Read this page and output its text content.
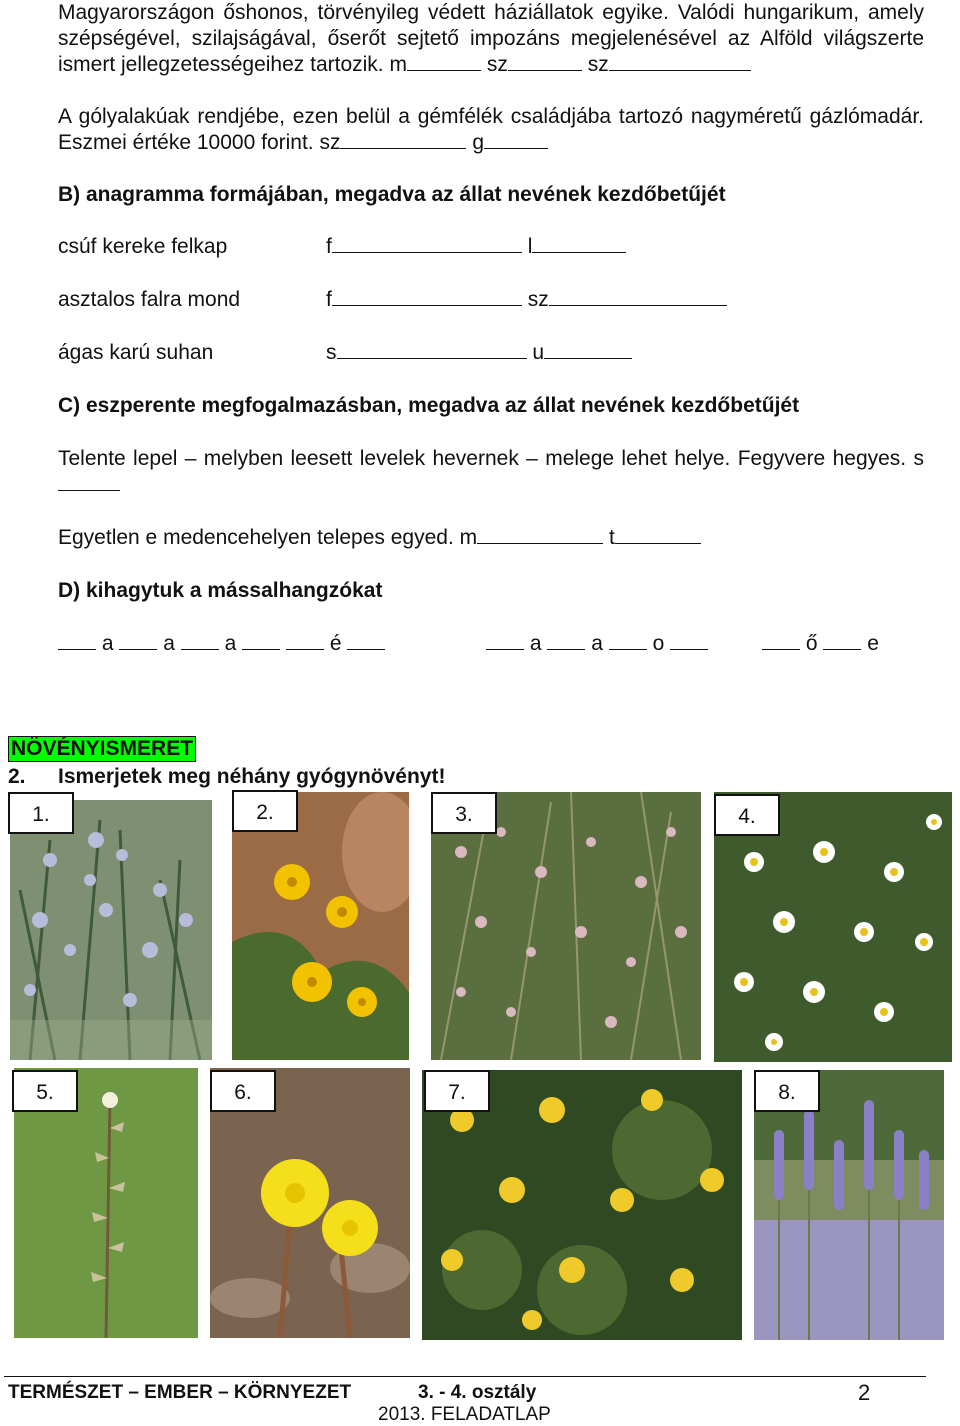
Magyarországon őshonos, törvényileg védett háziállatok egyike. Valódi hungarikum, amely szépségével, szilajságával, őserőt sejtető impozáns megjelenésével az Alföld világszerte ismert jellegzetességeihez tartozik. m	sz	sz
A gólyalakúak rendjébe, ezen belül a gémfélék családjába tartozó nagyméretű gázlómadár. Eszmei értéke 10000 forint. sz	g
B) anagramma formájában, megadva az állat nevének kezdőbetűjét
csúf kereke felkap	f	l
asztalos falra mond	f	sz
ágas karú suhan	s	u
C) eszperente megfogalmazásban, megadva az állat nevének kezdőbetűjét
Telente lepel – melyben leesett levelek hevernek – melege lehet helye. Fegyvere hegyes. s
Egyetlen e medencehelyen telepes egyed. m	t
D) kihagytuk a mássalhangzókat
a a a	é	a a o	ő e
NÖVÉNYISMERET
2. Ismerjetek meg néhány gyógynövényt!
1.	2.	3.	4.
5.	6.	7.	8.
TERMÉSZET – EMBER – KÖRNYEZET	3. - 4. osztály
2013. FELADATLAP
2
